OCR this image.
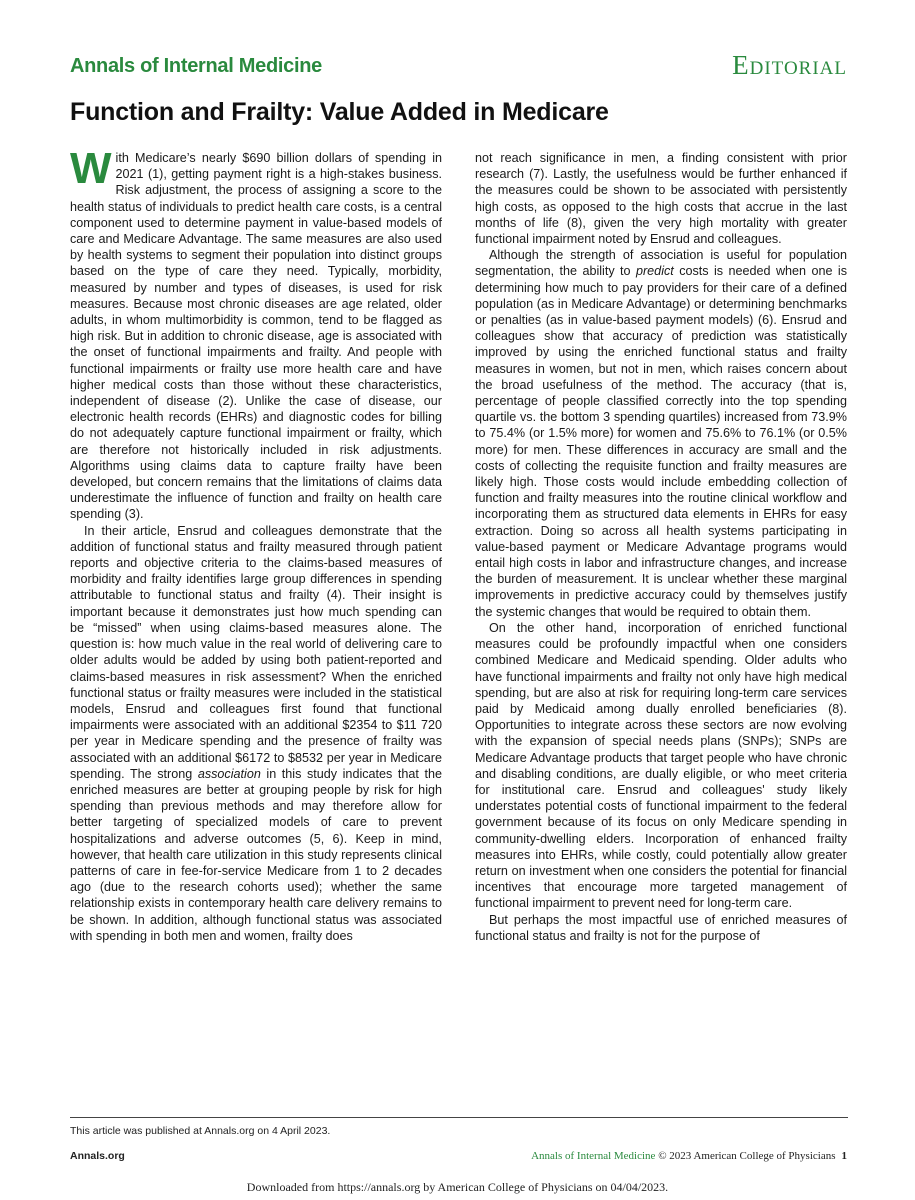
Annals of Internal Medicine	Editorial
Function and Frailty: Value Added in Medicare

With Medicare’s nearly $690 billion dollars of spending in 2021 (1), getting payment right is a high-stakes business. Risk adjustment, the process of assigning a score to the health status of individuals to predict health care costs, is a central component used to determine payment in value-based models of care and Medicare Advantage. The same measures are also used by health systems to segment their population into distinct groups based on the type of care they need. Typically, morbidity, measured by number and types of diseases, is used for risk measures. Because most chronic diseases are age related, older adults, in whom multimorbidity is common, tend to be flagged as high risk. But in addition to chronic disease, age is associated with the onset of functional impairments and frailty. And people with functional impairments or frailty use more health care and have higher medical costs than those without these characteristics, independent of disease (2). Unlike the case of disease, our electronic health records (EHRs) and diagnostic codes for billing do not adequately capture functional impairment or frailty, which are therefore not historically included in risk adjustments. Algorithms using claims data to capture frailty have been developed, but concern remains that the limitations of claims data underestimate the influence of function and frailty on health care spending (3).

In their article, Ensrud and colleagues demonstrate that the addition of functional status and frailty measured through patient reports and objective criteria to the claims-based measures of morbidity and frailty identifies large group differences in spending attributable to functional status and frailty (4). Their insight is important because it demonstrates just how much spending can be “missed” when using claims-based measures alone. The question is: how much value in the real world of delivering care to older adults would be added by using both patient-reported and claims-based measures in risk assessment? When the enriched functional status or frailty measures were included in the statistical models, Ensrud and colleagues first found that functional impairments were associated with an additional $2354 to $11 720 per year in Medicare spending and the presence of frailty was associated with an additional $6172 to $8532 per year in Medicare spending. The strong association in this study indicates that the enriched measures are better at grouping people by risk for high spending than previous methods and may therefore allow for better targeting of specialized models of care to prevent hospitalizations and adverse outcomes (5, 6). Keep in mind, however, that health care utilization in this study represents clinical patterns of care in fee-for-service Medicare from 1 to 2 decades ago (due to the research cohorts used); whether the same relationship exists in contemporary health care delivery remains to be shown. In addition, although functional status was associated with spending in both men and women, frailty does

not reach significance in men, a finding consistent with prior research (7). Lastly, the usefulness would be further enhanced if the measures could be shown to be associated with persistently high costs, as opposed to the high costs that accrue in the last months of life (8), given the very high mortality with greater functional impairment noted by Ensrud and colleagues.

Although the strength of association is useful for population segmentation, the ability to predict costs is needed when one is determining how much to pay providers for their care of a defined population (as in Medicare Advantage) or determining benchmarks or penalties (as in value-based payment models) (6). Ensrud and colleagues show that accuracy of prediction was statistically improved by using the enriched functional status and frailty measures in women, but not in men, which raises concern about the broad usefulness of the method. The accuracy (that is, percentage of people classified correctly into the top spending quartile vs. the bottom 3 spending quartiles) increased from 73.9% to 75.4% (or 1.5% more) for women and 75.6% to 76.1% (or 0.5% more) for men. These differences in accuracy are small and the costs of collecting the requisite function and frailty measures are likely high. Those costs would include embedding collection of function and frailty measures into the routine clinical workflow and incorporating them as structured data elements in EHRs for easy extraction. Doing so across all health systems participating in value-based payment or Medicare Advantage programs would entail high costs in labor and infrastructure changes, and increase the burden of measurement. It is unclear whether these marginal improvements in predictive accuracy could by themselves justify the systemic changes that would be required to obtain them.

On the other hand, incorporation of enriched functional measures could be profoundly impactful when one considers combined Medicare and Medicaid spending. Older adults who have functional impairments and frailty not only have high medical spending, but are also at risk for requiring long-term care services paid by Medicaid among dually enrolled beneficiaries (8). Opportunities to integrate across these sectors are now evolving with the expansion of special needs plans (SNPs); SNPs are Medicare Advantage products that target people who have chronic and disabling conditions, are dually eligible, or who meet criteria for institutional care. Ensrud and colleagues' study likely understates potential costs of functional impairment to the federal government because of its focus on only Medicare spending in community-dwelling elders. Incorporation of enhanced frailty measures into EHRs, while costly, could potentially allow greater return on investment when one considers the potential for financial incentives that encourage more targeted management of functional impairment to prevent need for long-term care.

But perhaps the most impactful use of enriched measures of functional status and frailty is not for the purpose of

This article was published at Annals.org on 4 April 2023.
Annals.org	Annals of Internal Medicine © 2023 American College of Physicians 1
Downloaded from https://annals.org by American College of Physicians on 04/04/2023.
